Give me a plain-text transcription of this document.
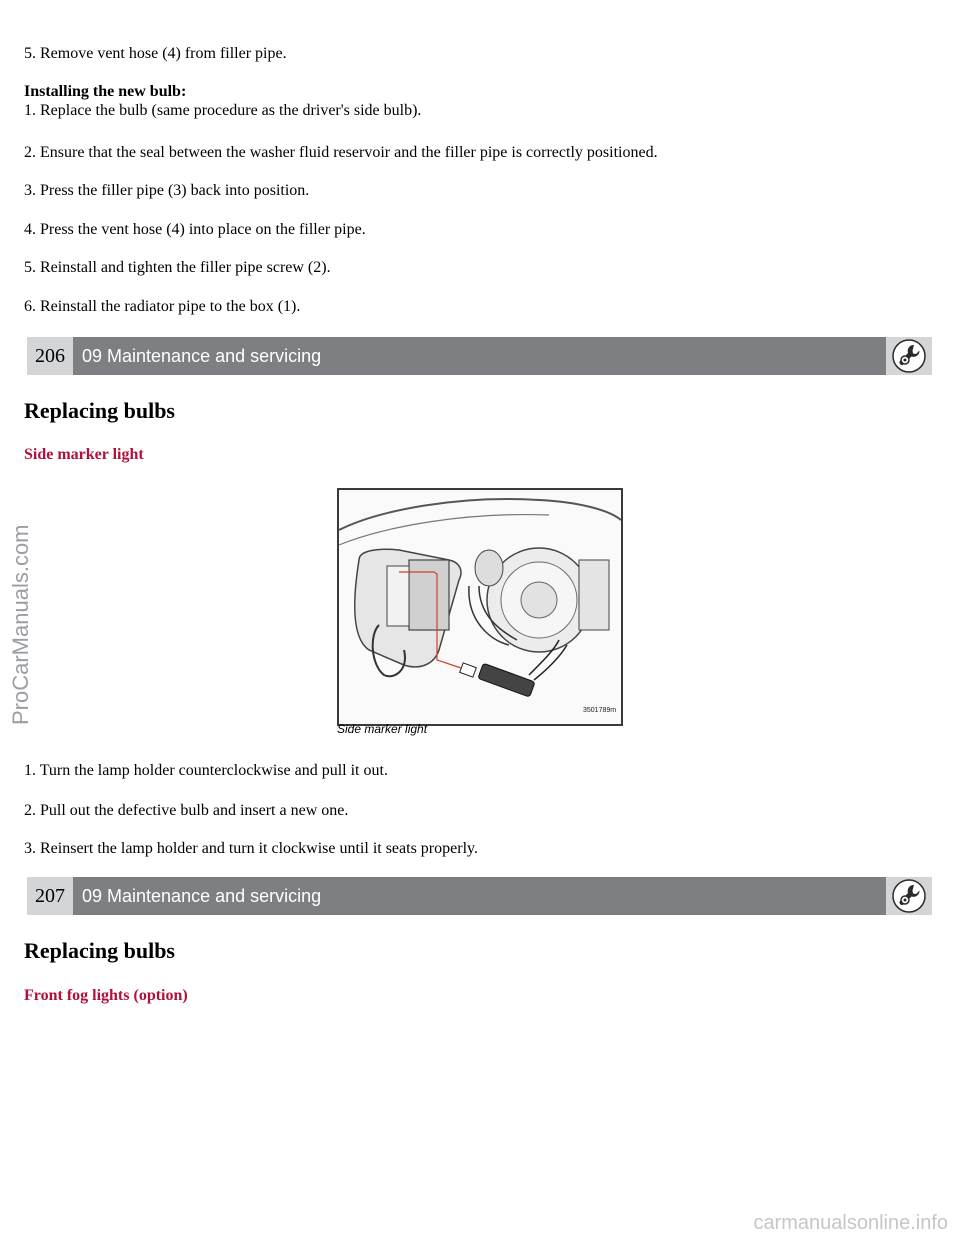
5. Remove vent hose (4) from filler pipe.
Installing the new bulb:
1. Replace the bulb (same procedure as the driver's side bulb).
2. Ensure that the seal between the washer fluid reservoir and the filler pipe is correctly positioned.
3. Press the filler pipe (3) back into position.
4. Press the vent hose (4) into place on the filler pipe.
5. Reinstall and tighten the filler pipe screw (2).
6. Reinstall the radiator pipe to the box (1).
206 09 Maintenance and servicing
Replacing bulbs
Side marker light
3501789m
Side marker light
1. Turn the lamp holder counterclockwise and pull it out.
2. Pull out the defective bulb and insert a new one.
3. Reinsert the lamp holder and turn it clockwise until it seats properly.
207 09 Maintenance and servicing
Replacing bulbs
Front fog lights (option)
ProCarManuals.com
carmanualsonline.info
